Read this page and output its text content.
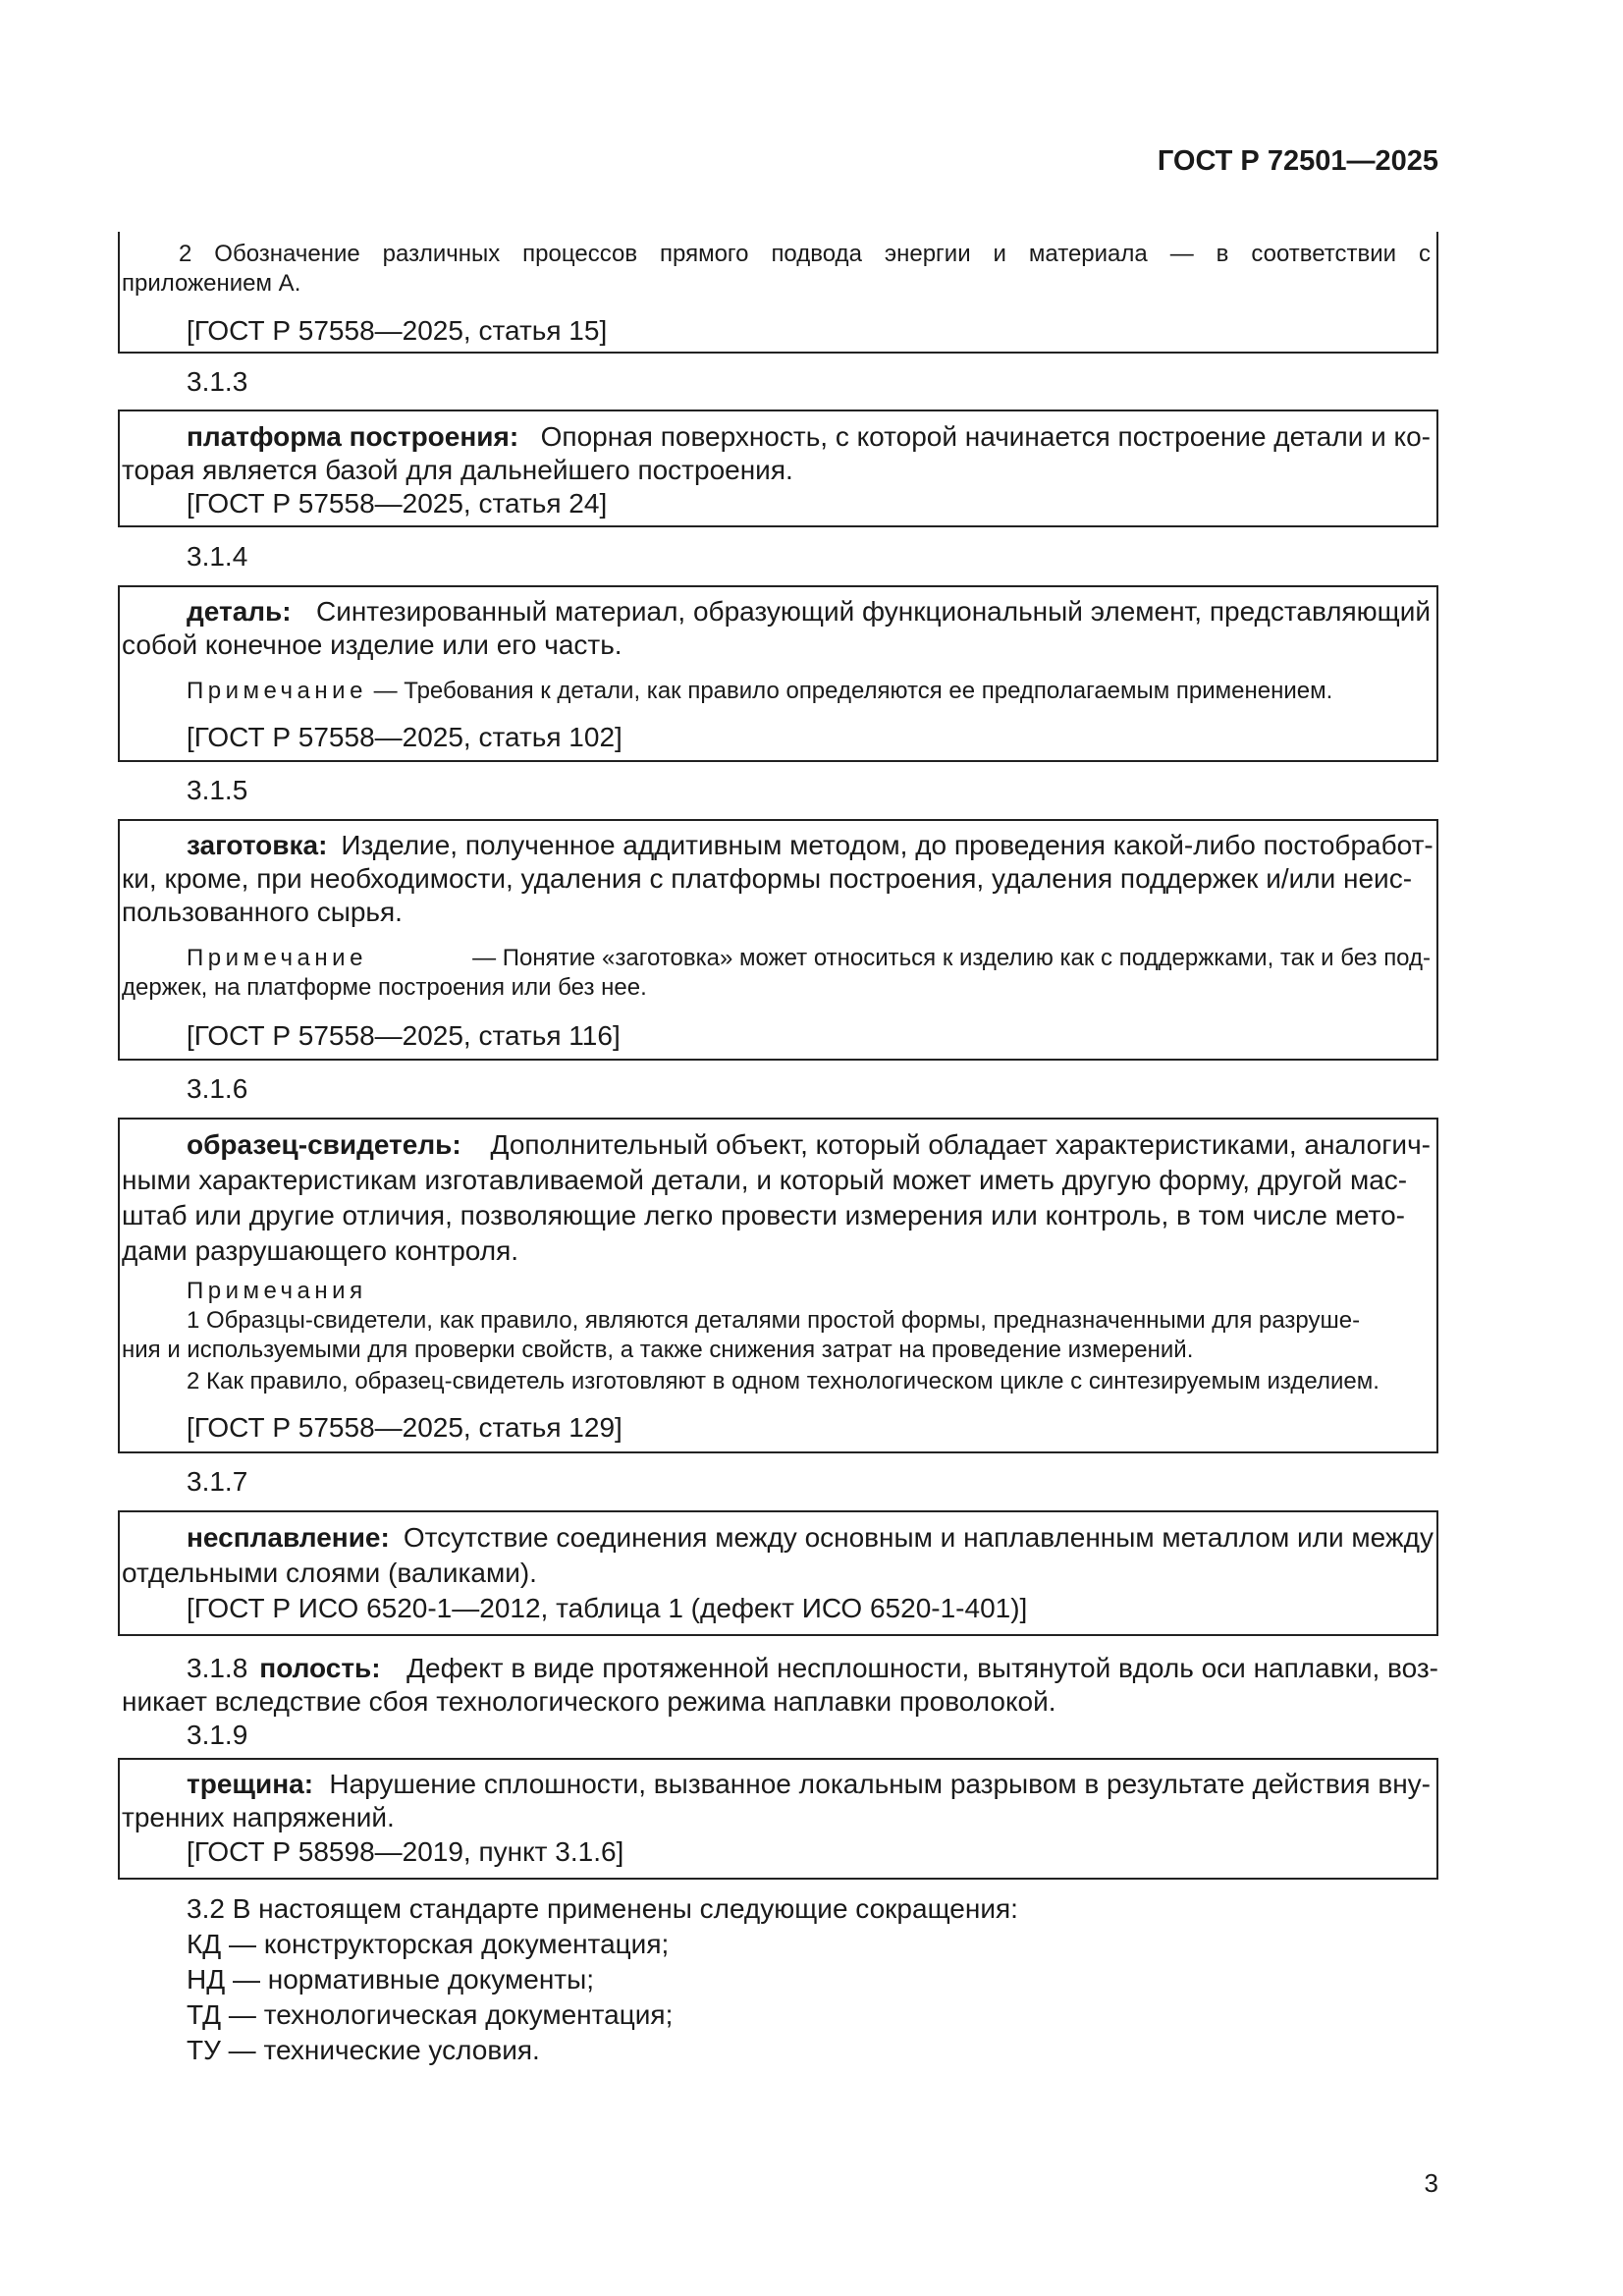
ГОСТ Р 72501—2025
2 Обозначение различных процессов прямого подвода энергии и материала — в соответствии с
приложением А.
[ГОСТ Р 57558—2025, статья 15]
3.1.3
платформа построения: Опорная поверхность, с которой начинается построение детали и ко-
торая является базой для дальнейшего построения.
[ГОСТ Р 57558—2025, статья 24]
3.1.4
деталь: Синтезированный материал, образующий функциональный элемент, представляющий
собой конечное изделие или его часть.
Примечание — Требования к детали, как правило определяются ее предполагаемым применением.
[ГОСТ Р 57558—2025, статья 102]
3.1.5
заготовка: Изделие, полученное аддитивным методом, до проведения какой-либо постобработ-
ки, кроме, при необходимости, удаления с платформы построения, удаления поддержек и/или неис-
пользованного сырья.
Примечание	— Понятие «заготовка» может относиться к изделию как с поддержками, так и без под-
держек, на платформе построения или без нее.
[ГОСТ Р 57558—2025, статья 116]
3.1.6
образец-свидетель:	Дополнительный объект, который обладает характеристиками, аналогич-
ными характеристикам изготавливаемой детали, и который может иметь другую форму, другой мас-
штаб или другие отличия, позволяющие легко провести измерения или контроль, в том числе мето-
дами разрушающего контроля.
Примечания
1 Образцы-свидетели, как правило, являются деталями простой формы, предназначенными для разруше-
ния и используемыми для проверки свойств, а также снижения затрат на проведение измерений.
2 Как правило, образец-свидетель изготовляют в одном технологическом цикле с синтезируемым изделием.
[ГОСТ Р 57558—2025, статья 129]
3.1.7
несплавление: Отсутствие соединения между основным и наплавленным металлом или между
отдельными слоями (валиками).
[ГОСТ Р ИСО 6520-1—2012, таблица 1 (дефект ИСО 6520-1-401)]
3.1.8 полость: Дефект в виде протяженной несплошности, вытянутой вдоль оси наплавки, воз-
никает вследствие сбоя технологического режима наплавки проволокой.
3.1.9
трещина: Нарушение сплошности, вызванное локальным разрывом в результате действия вну-
тренних напряжений.
[ГОСТ Р 58598—2019, пункт 3.1.6]
3.2 В настоящем стандарте применены следующие сокращения:
КД — конструкторская документация;
НД — нормативные документы;
ТД — технологическая документация;
ТУ — технические условия.
3
